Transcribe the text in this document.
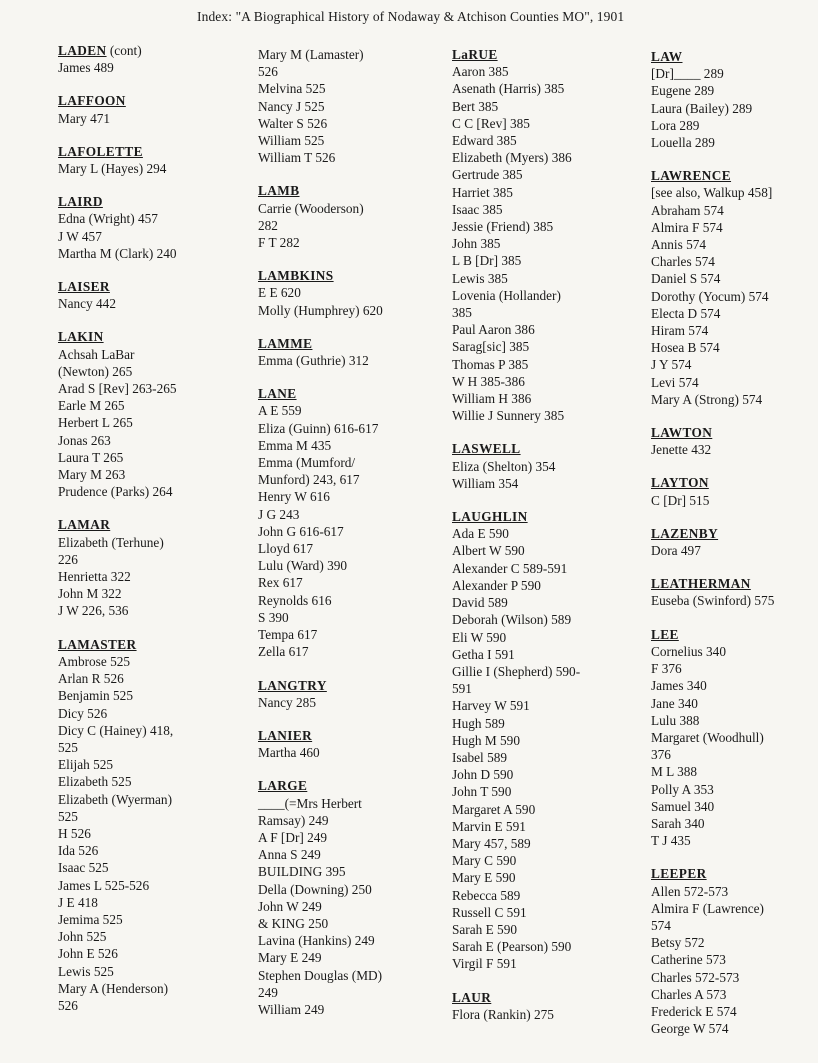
Index: "A Biographical History of Nodaway & Atchison Counties MO", 1901
LADEN (cont)
James 489
LAFFOON
Mary 471
LAFOLETTE
Mary L (Hayes) 294
LAIRD
Edna (Wright) 457
J W 457
Martha M (Clark) 240
LAISER
Nancy 442
LAKIN
Achsah LaBar
(Newton) 265
Arad S [Rev] 263-265
Earle M 265
Herbert L 265
Jonas 263
Laura T 265
Mary M 263
Prudence (Parks) 264
LAMAR
Elizabeth (Terhune)
226
Henrietta 322
John M 322
J W 226, 536
LAMASTER
Ambrose 525
Arlan R 526
Benjamin 525
Dicy 526
Dicy C (Hainey) 418,
525
Elijah 525
Elizabeth 525
Elizabeth (Wyerman)
525
H 526
Ida 526
Isaac 525
James L 525-526
J E 418
Jemima 525
John 525
John E 526
Lewis 525
Mary A (Henderson)
526
Mary M (Lamaster)
526
Melvina 525
Nancy J 525
Walter S 526
William 525
William T 526
LAMB
Carrie (Wooderson)
282
F T 282
LAMBKINS
E E 620
Molly (Humphrey) 620
LAMME
Emma (Guthrie) 312
LANE
A E 559
Eliza (Guinn) 616-617
Emma M 435
Emma (Mumford/
Munford) 243, 617
Henry W 616
J G 243
John G 616-617
Lloyd 617
Lulu (Ward) 390
Rex 617
Reynolds 616
S 390
Tempa 617
Zella 617
LANGTRY
Nancy 285
LANIER
Martha 460
LARGE
____(=Mrs Herbert
Ramsay) 249
A F [Dr] 249
Anna S 249
BUILDING 395
Della (Downing) 250
John W 249
& KING 250
Lavina (Hankins) 249
Mary E 249
Stephen Douglas (MD)
249
William 249
LaRUE
Aaron 385
Asenath (Harris) 385
Bert 385
C C [Rev] 385
Edward 385
Elizabeth (Myers) 386
Gertrude 385
Harriet 385
Isaac 385
Jessie (Friend) 385
John 385
L B [Dr] 385
Lewis 385
Lovenia (Hollander)
385
Paul Aaron 386
Sarag[sic] 385
Thomas P 385
W H 385-386
William H 386
Willie J Sunnery 385
LASWELL
Eliza (Shelton) 354
William 354
LAUGHLIN
Ada E 590
Albert W 590
Alexander C 589-591
Alexander P 590
David 589
Deborah (Wilson) 589
Eli W 590
Getha I 591
Gillie I (Shepherd) 590-
591
Harvey W 591
Hugh 589
Hugh M 590
Isabel 589
John D 590
John T 590
Margaret A 590
Marvin E 591
Mary 457, 589
Mary C 590
Mary E 590
Rebecca 589
Russell C 591
Sarah E 590
Sarah E (Pearson) 590
Virgil F 591
LAUR
Flora (Rankin) 275
LAW
[Dr]____ 289
Eugene 289
Laura (Bailey) 289
Lora 289
Louella 289
LAWRENCE
[see also, Walkup 458]
Abraham 574
Almira F 574
Annis 574
Charles 574
Daniel S 574
Dorothy (Yocum) 574
Electa D 574
Hiram 574
Hosea B 574
J Y 574
Levi 574
Mary A (Strong) 574
LAWTON
Jenette 432
LAYTON
C [Dr] 515
LAZENBY
Dora 497
LEATHERMAN
Euseba (Swinford) 575
LEE
Cornelius 340
F 376
James 340
Jane 340
Lulu 388
Margaret (Woodhull)
376
M L 388
Polly A 353
Samuel 340
Sarah 340
T J 435
LEEPER
Allen 572-573
Almira F (Lawrence)
574
Betsy 572
Catherine 573
Charles 572-573
Charles A 573
Frederick E 574
George W 574
